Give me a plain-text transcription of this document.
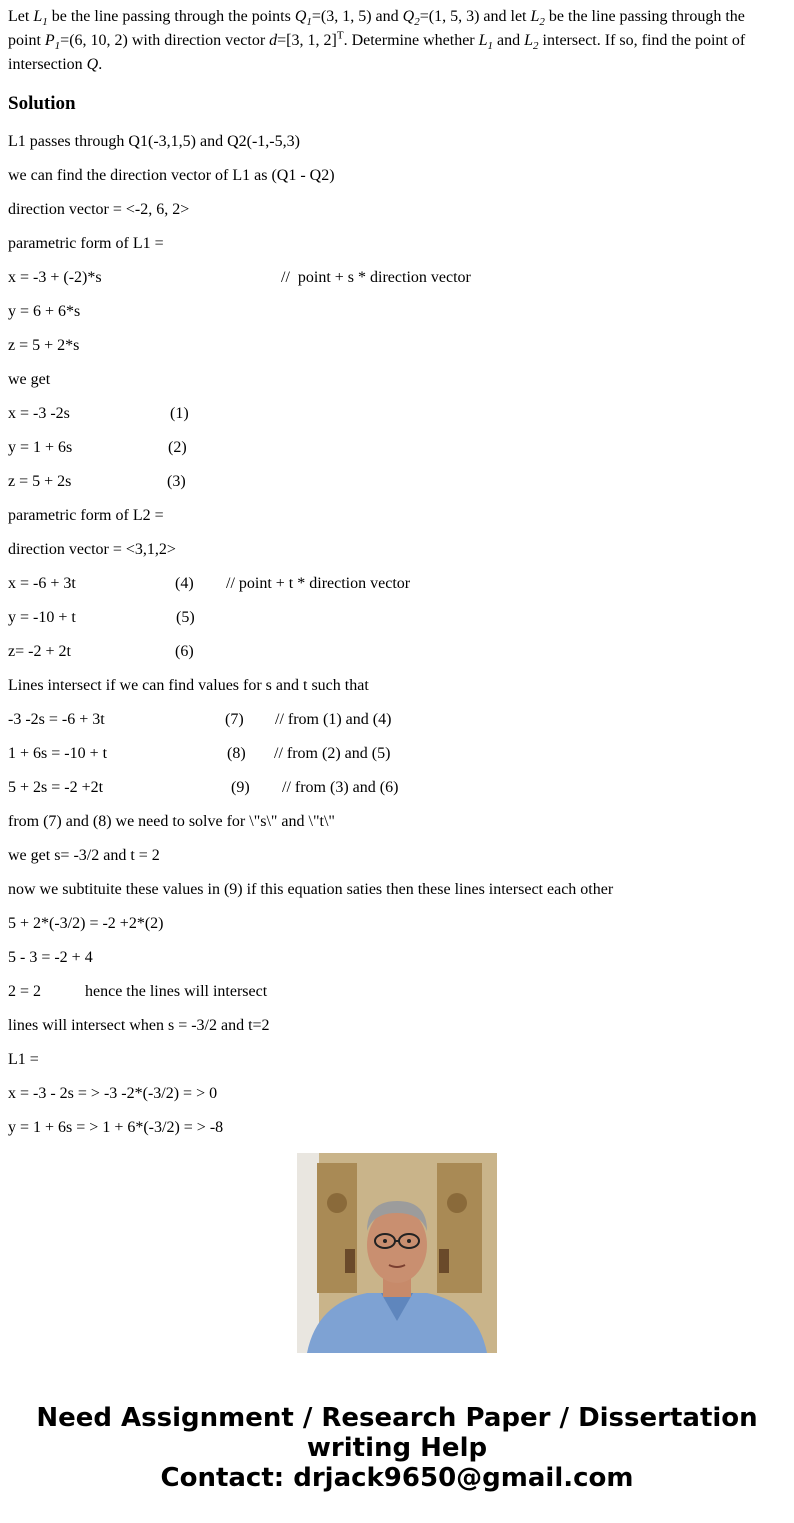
Let $L_1$ be the line passing through the points $Q_1=(3$, 1, 5) and $Q_2=(1$, 5, 3) and let $L_2$ be the line passing through the point $P_1=(6$, 10, 2) with direction vector d=[3, 1, 2]$^T$. Determine whether $L_1$ and $L_2$ intersect. If so, find the point of intersection Q.
Solution
L1 passes through Q1(-3,1,5) and Q2(-1,-5,3)
we can find the direction vector of L1 as (Q1 - Q2)
direction vector = <-2, 6, 2>
parametric form of L1 =
x = -3 + (-2)*s	//  point + s * direction vector
y = 6 + 6*s
z = 5 + 2*s
we get
x = -3 -2s	(1)
y = 1 + 6s	(2)
z = 5 + 2s	(3)
parametric form of L2 =
direction vector = <3,1,2>
x = -6 + 3t	(4) // point + t * direction vector
y = -10 + t	(5)
z= -2 + 2t	(6)
Lines intersect if we can find values for s and t such that
-3 -2s = -6 + 3t	(7) // from (1) and (4)
1 + 6s = -10 + t	(8) // from (2) and (5)
5 + 2s = -2 +2t	(9) // from (3) and (6)
from (7) and (8) we need to solve for \"s\" and \"t\"
we get s= -3/2 and t = 2
now we subtituite these values in (9) if this equation saties then these lines intersect each other
5 + 2*(-3/2) = -2 +2*(2)
5 - 3 = -2 + 4
2 = 2	hence the lines will intersect
lines will intersect when s = -3/2 and t=2
L1 =
x = -3 - 2s = > -3 -2*(-3/2) = > 0
y = 1 + 6s = > 1 + 6*(-3/2) = > -8
Need Assignment / Research Paper / Dissertation
writing Help
Contact: drjack9650@gmail.com
